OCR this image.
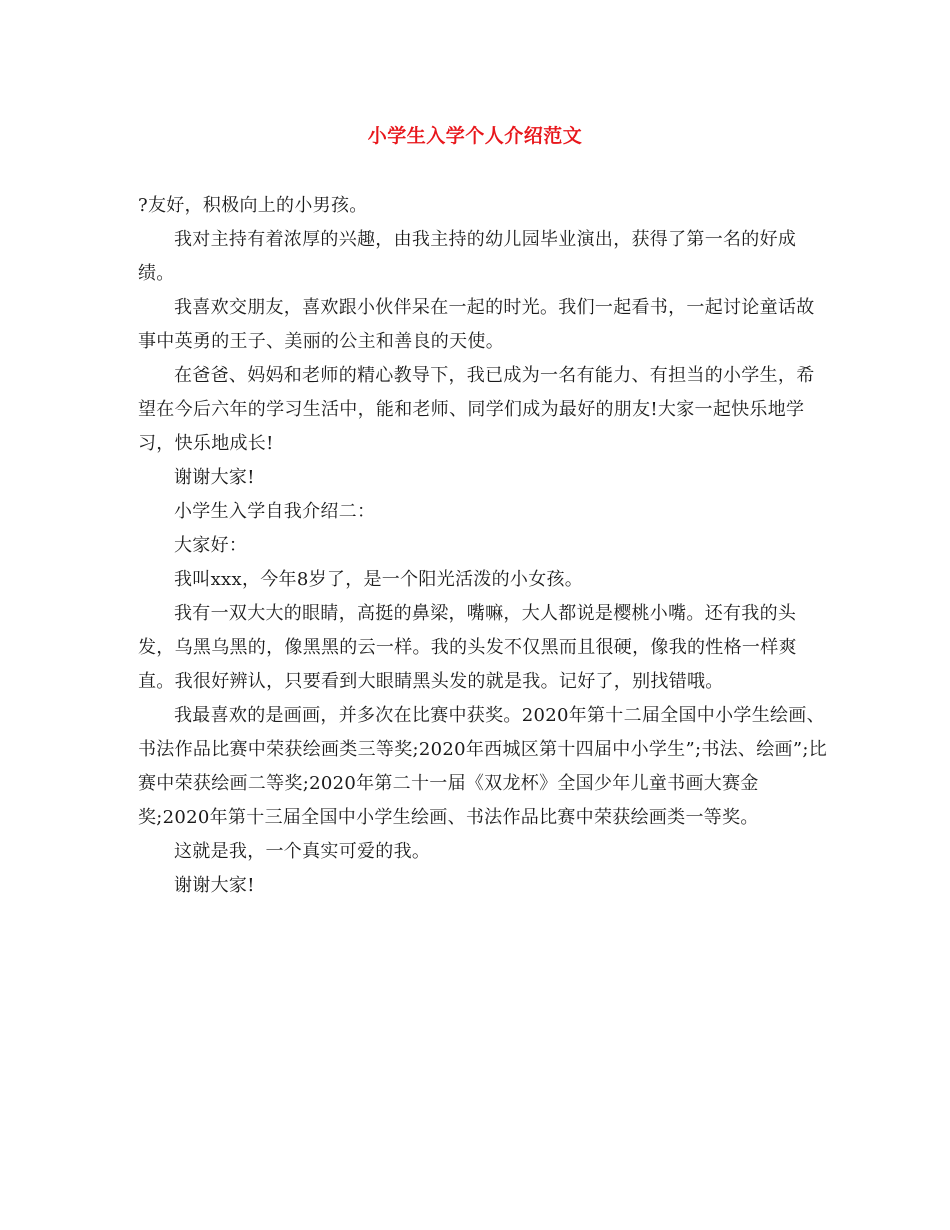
小学生入学个人介绍范文

?友好，积极向上的小男孩。

我对主持有着浓厚的兴趣，由我主持的幼儿园毕业演出，获得了第一名的好成绩。

我喜欢交朋友，喜欢跟小伙伴呆在一起的时光。我们一起看书，一起讨论童话故事中英勇的王子、美丽的公主和善良的天使。

在爸爸、妈妈和老师的精心教导下，我已成为一名有能力、有担当的小学生，希望在今后六年的学习生活中，能和老师、同学们成为最好的朋友!大家一起快乐地学习，快乐地成长!

谢谢大家!

小学生入学自我介绍二：

大家好：

我叫xxx，今年8岁了，是一个阳光活泼的小女孩。

我有一双大大的眼睛，高挺的鼻梁，嘴嘛，大人都说是樱桃小嘴。还有我的头发，乌黑乌黑的，像黑黑的云一样。我的头发不仅黑而且很硬，像我的性格一样爽直。我很好辨认，只要看到大眼睛黑头发的就是我。记好了，别找错哦。

我最喜欢的是画画，并多次在比赛中获奖。2020年第十二届全国中小学生绘画、书法作品比赛中荣获绘画类三等奖;2020年西城区第十四届中小学生”;书法、绘画”;比赛中荣获绘画二等奖;2020年第二十一届《双龙杯》全国少年儿童书画大赛金奖;2020年第十三届全国中小学生绘画、书法作品比赛中荣获绘画类一等奖。

这就是我，一个真实可爱的我。

谢谢大家!
